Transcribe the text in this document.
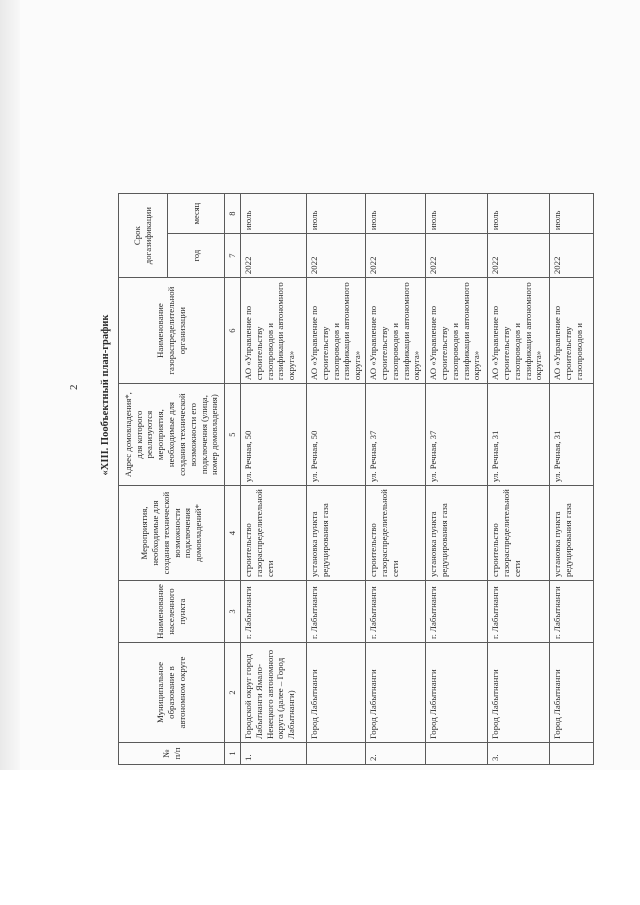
2 «XIII. Пообъектный план-график
№ п/п	Муниципальное образование в автономном округе	Наименование населенного пункта	Мероприятия, необходимые для создания технической возможности подключения домовладений*	Адрес домовладения*, для которого реализуются мероприятия, необходимые для создания технической возможности его подключения (улица, номер домовладения)	Наименование газораспределительной организации	Срок догазификации	
						год	месяц
1	2	3	4	5	6	7	8
1.	Городской округ город Лабытнанги Ямало-Ненецкого автономного округа (далее – Город Лабытнанги)	г. Лабытнанги	строительство газораспределительной сети	ул. Речная, 50	АО «Управление по строительству газопроводов и газификации автономного округа»	2022	июль
	Город Лабытнанги	г. Лабытнанги	установка пункта редуцирования газа	ул. Речная, 50	АО «Управление по строительству газопроводов и газификации автономного округа»	2022	июль
2.	Город Лабытнанги	г. Лабытнанги	строительство газораспределительной сети	ул. Речная, 37	АО «Управление по строительству газопроводов и газификации автономного округа»	2022	июль
	Город Лабытнанги	г. Лабытнанги	установка пункта редуцирования газа	ул. Речная, 37	АО «Управление по строительству газопроводов и газификации автономного округа»	2022	июль
3.	Город Лабытнанги	г. Лабытнанги	строительство газораспределительной сети	ул. Речная, 31	АО «Управление по строительству газопроводов и газификации автономного округа»	2022	июль
	Город Лабытнанги	г. Лабытнанги	установка пункта редуцирования газа	ул. Речная, 31	АО «Управление по строительству газопроводов и	2022	июль
